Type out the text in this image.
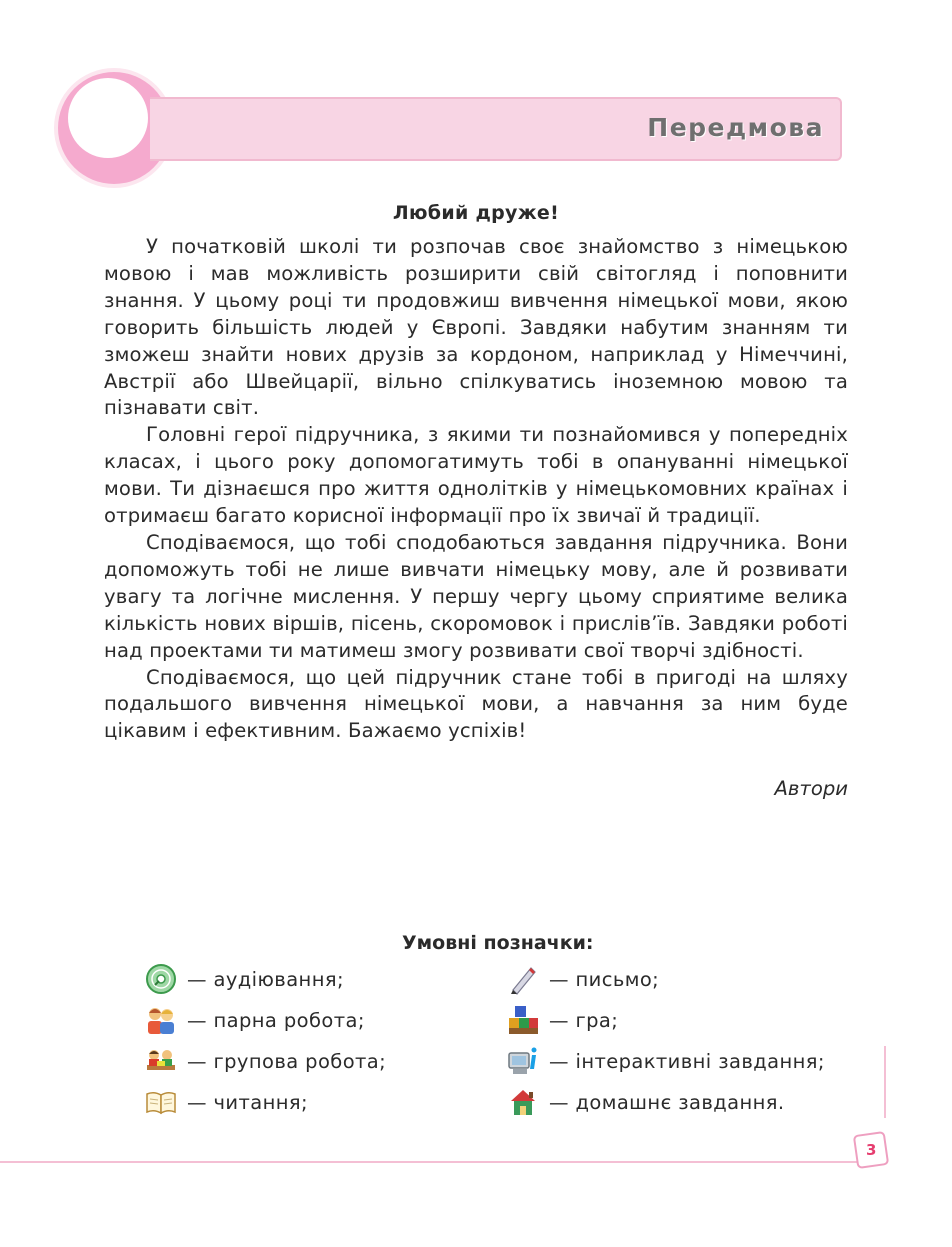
Передмова
Любий друже!

У початковій школі ти розпочав своє знайомство з німецькою мовою і мав можливість розширити свій світогляд і поповнити знання. У цьому році ти продовжиш вивчення німецької мови, якою говорить більшість людей у Європі. Завдяки набутим знанням ти зможеш знайти нових друзів за кордоном, наприклад у Німеччині, Австрії або Швейцарії, вільно спілкуватись іноземною мовою та пізнавати світ.

Головні герої підручника, з якими ти познайомився у попередніх класах, і цього року допомогатимуть тобі в опануванні німецької мови. Ти дізнаєшся про життя однолітків у німецькомовних країнах і отримаєш багато корисної інформації про їх звичаї й традиції.

Сподіваємося, що тобі сподобаються завдання підручника. Вони допоможуть тобі не лише вивчати німецьку мову, але й розвивати увагу та логічне мислення. У першу чергу цьому сприятиме велика кількість нових віршів, пісень, скоромовок і прислів’їв. Завдяки роботі над проектами ти матимеш змогу розвивати свої творчі здібності.

Сподіваємося, що цей підручник стане тобі в пригоді на шляху подальшого вивчення німецької мови, а навчання за ним буде цікавим і ефективним. Бажаємо успіхів!

Автори
Умовні позначки:
— аудіювання;
— парна робота;
— групова робота;
— читання;
— письмо;
— гра;
— інтерактивні завдання;
— домашнє завдання.
3
